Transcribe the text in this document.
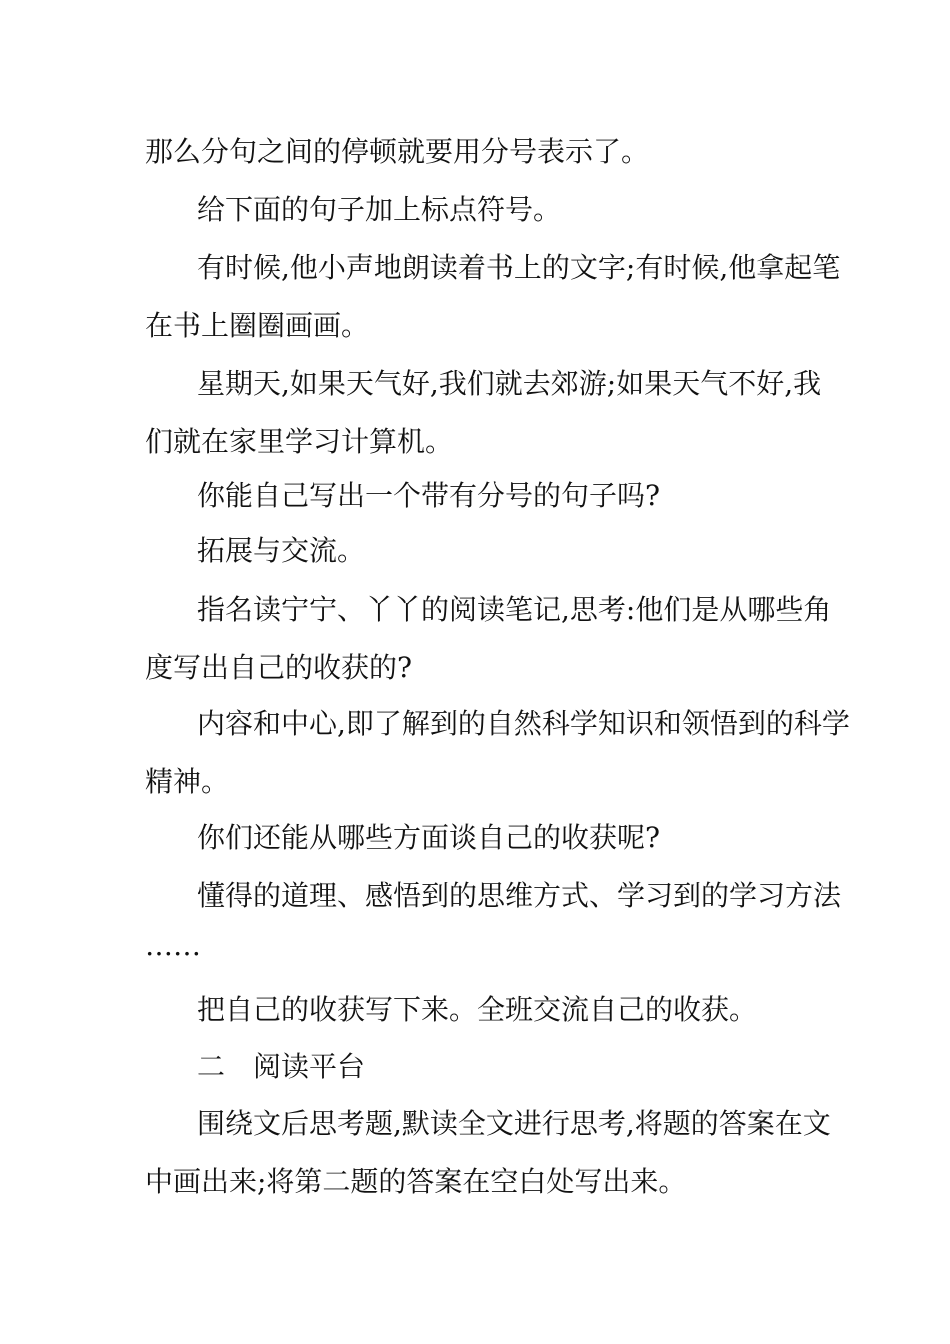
那么分句之间的停顿就要用分号表示了。
给下面的句子加上标点符号。
有时候,他小声地朗读着书上的文字;有时候,他拿起笔
在书上圈圈画画。
星期天,如果天气好,我们就去郊游;如果天气不好,我
们就在家里学习计算机。
你能自己写出一个带有分号的句子吗?
拓展与交流。
指名读宁宁、丫丫的阅读笔记,思考:他们是从哪些角
度写出自己的收获的?
内容和中心,即了解到的自然科学知识和领悟到的科学
精神。
你们还能从哪些方面谈自己的收获呢?
懂得的道理、感悟到的思维方式、学习到的学习方法
……
把自己的收获写下来。全班交流自己的收获。
二　阅读平台
围绕文后思考题,默读全文进行思考,将题的答案在文
中画出来;将第二题的答案在空白处写出来。
